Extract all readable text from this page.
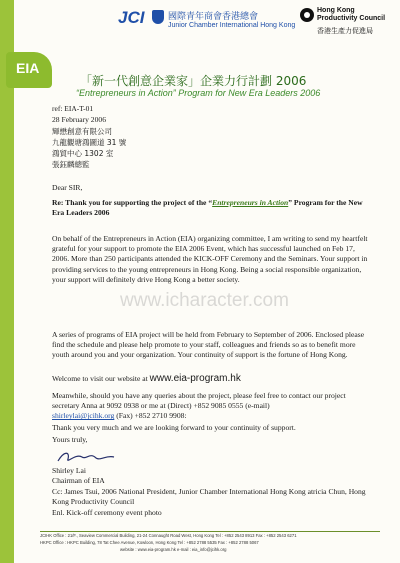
EIA
JCI	國際青年商會香港總會
Junior Chamber International Hong Kong
Hong Kong Productivity Council
香港生產力促進局
「新一代創意企業家」企業力行計劃 2006
“Entrepreneurs in Action” Program for New Era Leaders 2006
ref: EIA-T-01
28 February 2006
輝懋創意有限公司
九龍觀塘鴻圖道 31 號
鴻貿中心 1302 室
張鈺麟總監
Dear SIR,
Re: Thank you for supporting the project of the “Entrepreneurs in Action” Program for the New Era Leaders 2006
On behalf of the Entrepreneurs in Action (EIA) organizing committee, I am writing to send my heartfelt grateful for your support to promote the EIA 2006 Event, which has successful launched on Feb 17, 2006. More than 250 participants attended the KICK-OFF Ceremony and the Seminars. Your support in providing services to the young entrepreneurs in Hong Kong. Being a social responsible organization, your support will definitely drive Hong Kong a better society.
A series of programs of EIA project will be held from February to September of 2006. Enclosed please find the schedule and please help promote to your staff, colleagues and friends so as to benefit more youth around you and your organization. Your continuity of support is the fortune of Hong Kong.
Welcome to visit our website at www.eia-program.hk
Meanwhile, should you have any queries about the project, please feel free to contact our project secretary Anna at 9092 0938 or me at (Direct) +852 9085 0555 (e-mail)
shirleylai@jcihk.org (Fax) +852 2710 9908:
Thank you very much and we are looking forward to your continuity of support.
Yours truly,
Shirley Lai
Chairman of EIA
Cc: James Tsui, 2006 National President, Junior Chamber International Hong Kong atricia Chun, Hong Kong Productivity Council
Enl. Kick-off ceremony event photo
JCIHK Office : 21/F., Seaview Commercial Building, 21-24 Connaught Road West, Hong Kong Tel : +852 2543 8913 Fax : +852 2543 6271
HKPC Office : HKPC Building, 78 Tat Chee Avenue, Kowloon, Hong Kong Tel : +852 2788 5535 Fax : +852 2788 5067
website : www.eia-program.hk e-mail : eia_info@jcihk.org
www.icharacter.com
